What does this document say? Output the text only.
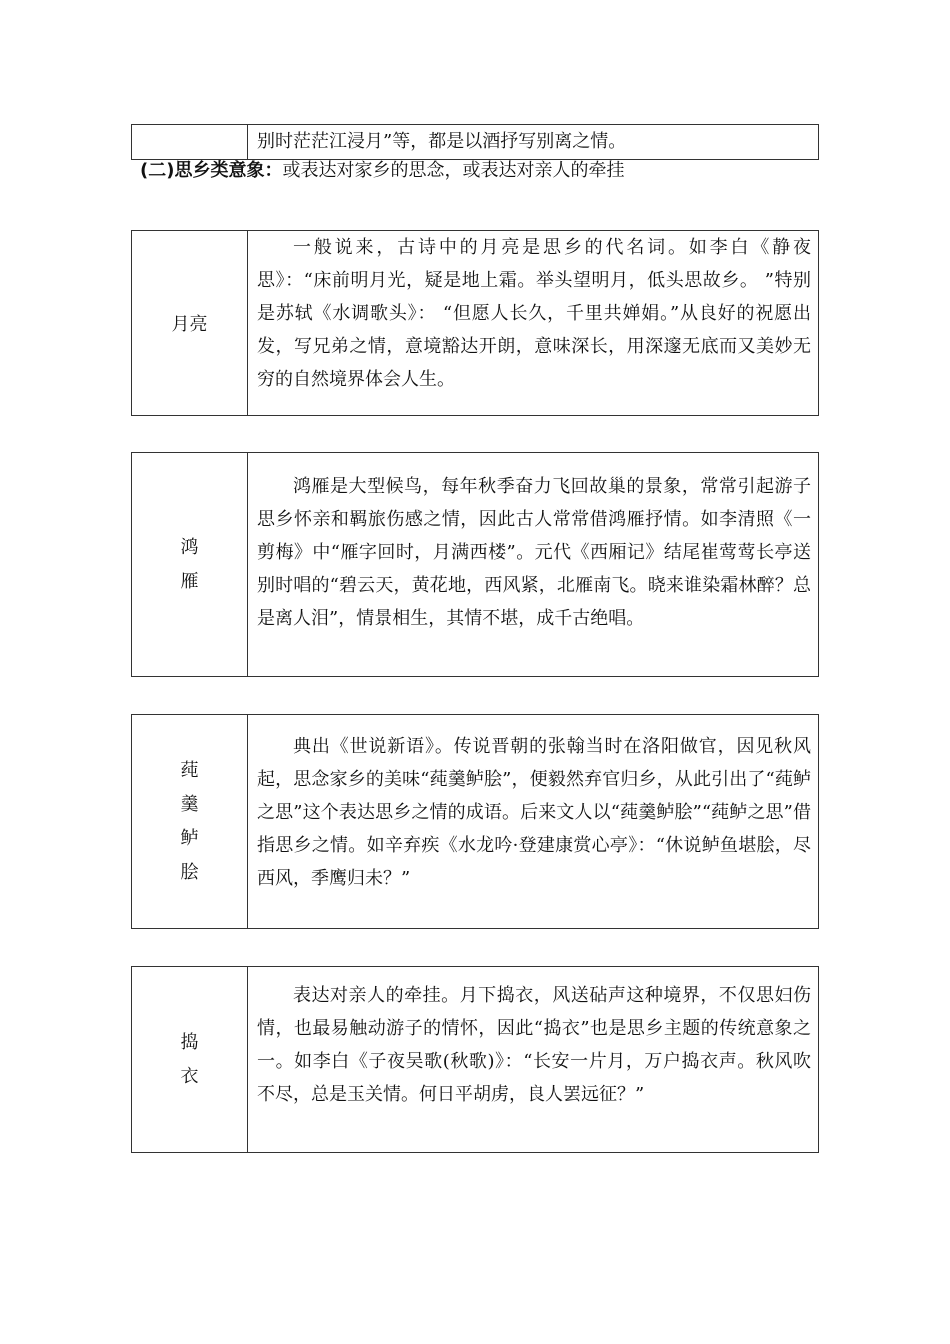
别时茫茫江浸月”等，都是以酒抒写别离之情。
(二)思乡类意象：或表达对家乡的思念，或表达对亲人的牵挂
月亮

一般说来，古诗中的月亮是思乡的代名词。如李白《静夜思》：“床前明月光，疑是地上霜。举头望明月，低头思故乡。 ”特别是苏轼《水调歌头》： “但愿人长久，千里共婵娟。”从良好的祝愿出发，写兄弟之情，意境豁达开朗，意味深长，用深邃无底而又美妙无穷的自然境界体会人生。

鸿
雁

鸿雁是大型候鸟，每年秋季奋力飞回故巢的景象，常常引起游子思乡怀亲和羁旅伤感之情，因此古人常常借鸿雁抒情。如李清照《一剪梅》中“雁字回时，月满西楼”。元代《西厢记》结尾崔莺莺长亭送别时唱的“碧云天，黄花地，西风紧，北雁南飞。晓来谁染霜林醉？总是离人泪”，情景相生，其情不堪，成千古绝唱。

莼
羹
鲈
脍

典出《世说新语》。传说晋朝的张翰当时在洛阳做官，因见秋风起，思念家乡的美味“莼羹鲈脍”，便毅然弃官归乡，从此引出了“莼鲈之思”这个表达思乡之情的成语。后来文人以“莼羹鲈脍”“莼鲈之思”借指思乡之情。如辛弃疾《水龙吟·登建康赏心亭》：“休说鲈鱼堪脍，尽西风，季鹰归未？”

捣
衣

表达对亲人的牵挂。月下捣衣，风送砧声这种境界，不仅思妇伤情，也最易触动游子的情怀，因此“捣衣”也是思乡主题的传统意象之一。如李白《子夜吴歌(秋歌)》：“长安一片月，万户捣衣声。秋风吹不尽，总是玉关情。何日平胡虏，良人罢远征？”
